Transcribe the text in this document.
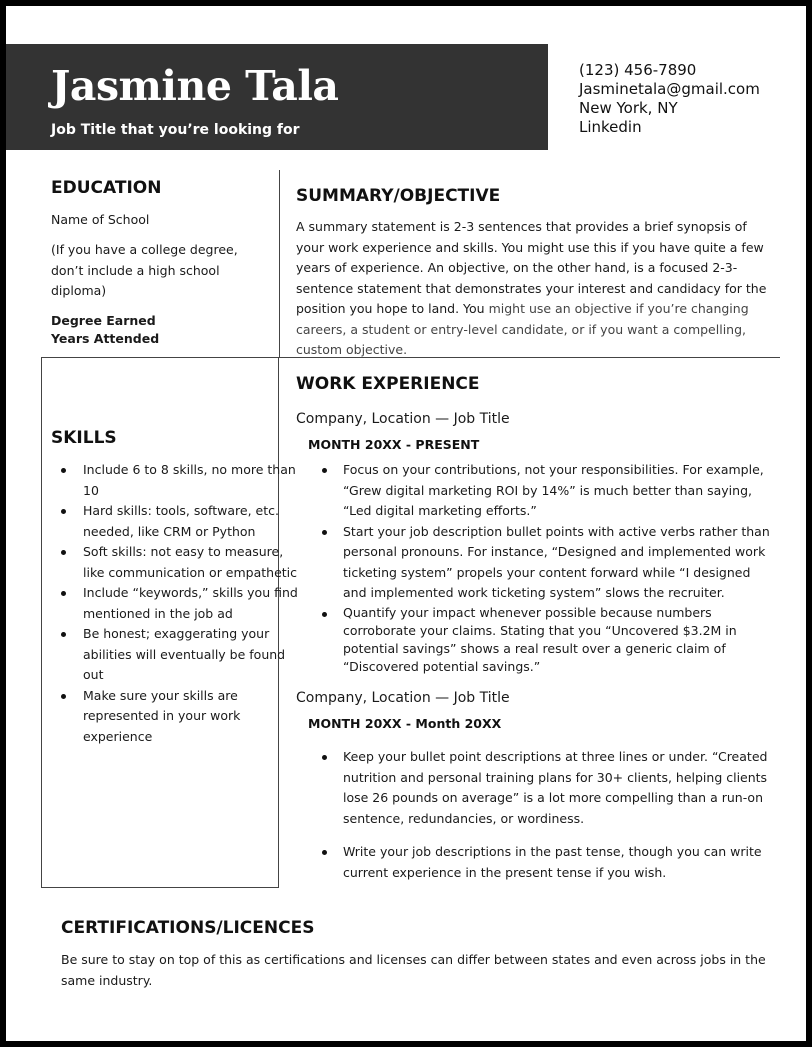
Jasmine Tala

Job Title that you’re looking for

(123) 456-7890
Jasminetala@gmail.com
New York, NY
Linkedin
EDUCATION

Name of School

(If you have a college degree, don’t include a high school diploma)

Degree Earned

Years Attended

SUMMARY/OBJECTIVE

A summary statement is 2-3 sentences that provides a brief synopsis of your work experience and skills. You might use this if you have quite a few years of experience. An objective, on the other hand, is a focused 2-3-sentence statement that demonstrates your interest and candidacy for the position you hope to land. You might use an objective if you’re changing careers, a student or entry-level candidate, or if you want a compelling, custom objective.

SKILLS
Include 6 to 8 skills, no more than 10
Hard skills: tools, software, etc. needed, like CRM or Python
Soft skills: not easy to measure, like communication or empathetic
Include “keywords,” skills you find mentioned in the job ad
Be honest; exaggerating your abilities will eventually be found out
Make sure your skills are represented in your work experience
WORK EXPERIENCE

Company, Location — Job Title

MONTH 20XX - PRESENT

Focus on your contributions, not your responsibilities. For example, “Grew digital marketing ROI by 14%” is much better than saying, “Led digital marketing efforts.”
Start your job description bullet points with active verbs rather than personal pronouns. For instance, “Designed and implemented work ticketing system” propels your content forward while “I designed and implemented work ticketing system” slows the recruiter.
Quantify your impact whenever possible because numbers corroborate your claims. Stating that you “Uncovered $3.2M in potential savings” shows a real result over a generic claim of “Discovered potential savings.”

Company, Location — Job Title

MONTH 20XX - Month 20XX

Keep your bullet point descriptions at three lines or under. “Created nutrition and personal training plans for 30+ clients, helping clients lose 26 pounds on average” is a lot more compelling than a run-on sentence, redundancies, or wordiness.
Write your job descriptions in the past tense, though you can write current experience in the present tense if you wish.
CERTIFICATIONS/LICENCES

Be sure to stay on top of this as certifications and licenses can differ between states and even across jobs in the same industry.
